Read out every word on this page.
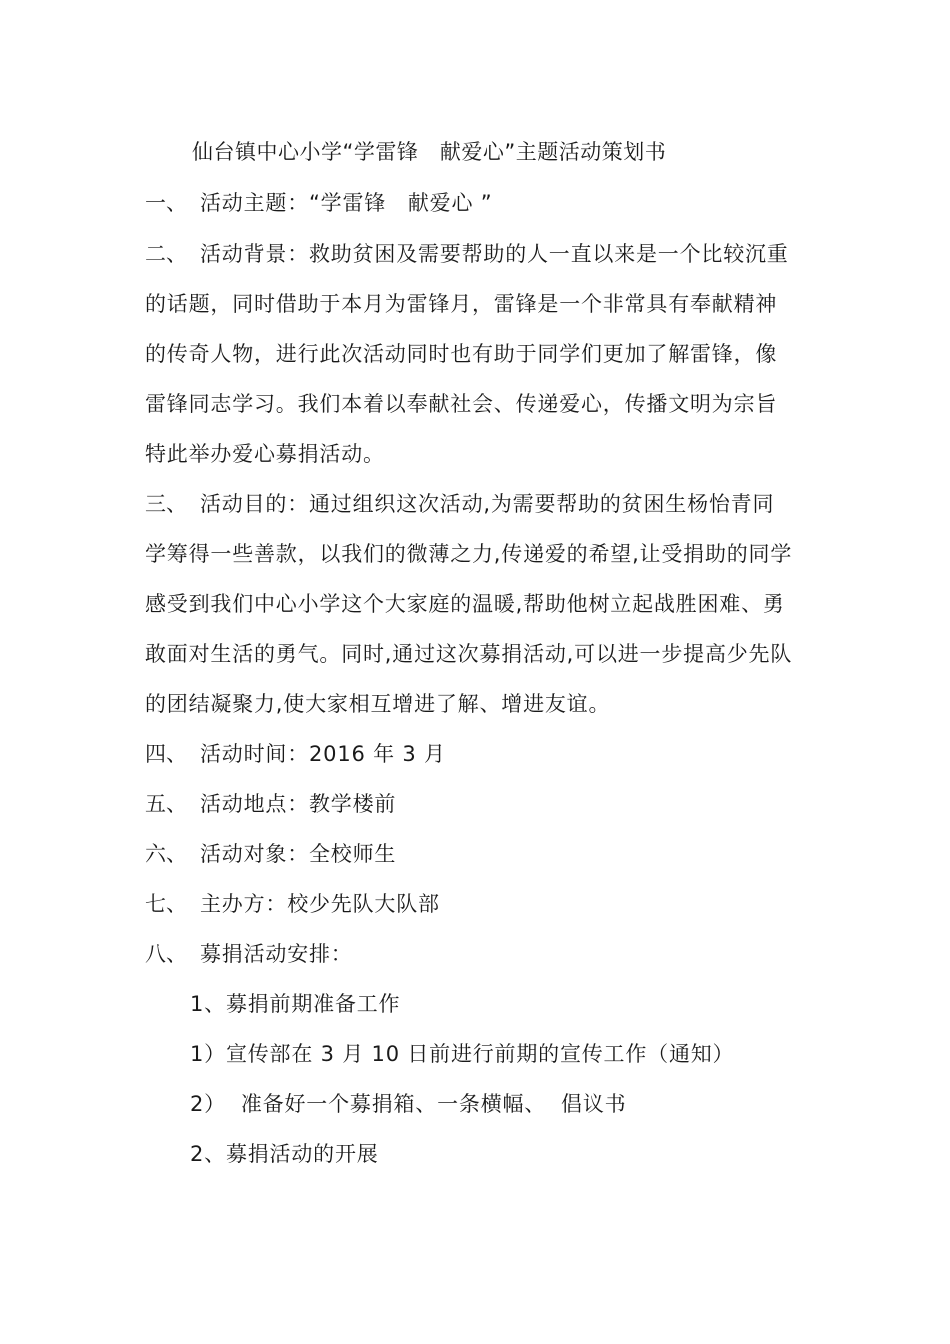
仙台镇中心小学“学雷锋　献爱心”主题活动策划书
一、 活动主题：“学雷锋　献爱心 ”
二、 活动背景：救助贫困及需要帮助的人一直以来是一个比较沉重
的话题，同时借助于本月为雷锋月，雷锋是一个非常具有奉献精神
的传奇人物，进行此次活动同时也有助于同学们更加了解雷锋，像
雷锋同志学习。我们本着以奉献社会、传递爱心，传播文明为宗旨
特此举办爱心募捐活动。
三、 活动目的：通过组织这次活动,为需要帮助的贫困生杨怡青同
学筹得一些善款，以我们的微薄之力,传递爱的希望,让受捐助的同学
感受到我们中心小学这个大家庭的温暖,帮助他树立起战胜困难、勇
敢面对生活的勇气。同时,通过这次募捐活动,可以进一步提高少先队
的团结凝聚力,使大家相互增进了解、增进友谊。
四、 活动时间：2016 年 3 月
五、 活动地点：教学楼前
六、 活动对象：全校师生
七、 主办方：校少先队大队部
八、 募捐活动安排：
1、募捐前期准备工作
1）宣传部在 3 月 10 日前进行前期的宣传工作（通知）
2）  准备好一个募捐箱、一条横幅、  倡议书
2、募捐活动的开展
